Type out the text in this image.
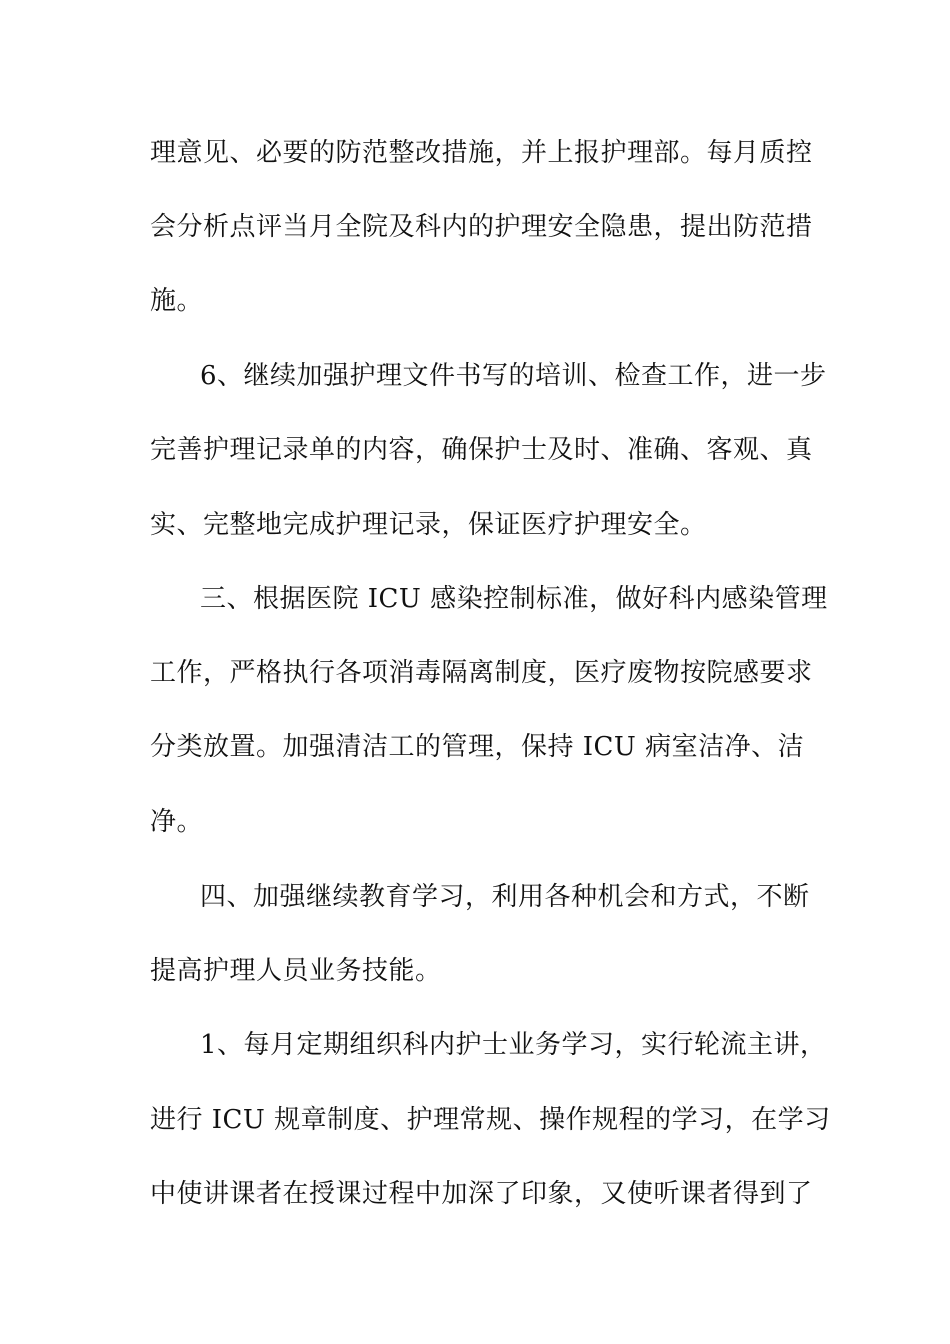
理意见、必要的防范整改措施，并上报护理部。每月质控
会分析点评当月全院及科内的护理安全隐患，提出防范措
施。
6、继续加强护理文件书写的培训、检查工作，进一步
完善护理记录单的内容，确保护士及时、准确、客观、真
实、完整地完成护理记录，保证医疗护理安全。
三、根据医院 ICU 感染控制标准，做好科内感染管理
工作，严格执行各项消毒隔离制度，医疗废物按院感要求
分类放置。加强清洁工的管理，保持 ICU 病室洁净、洁
净。
四、加强继续教育学习，利用各种机会和方式，不断
提高护理人员业务技能。
1、每月定期组织科内护士业务学习，实行轮流主讲，
进行 ICU 规章制度、护理常规、操作规程的学习，在学习
中使讲课者在授课过程中加深了印象，又使听课者得到了
